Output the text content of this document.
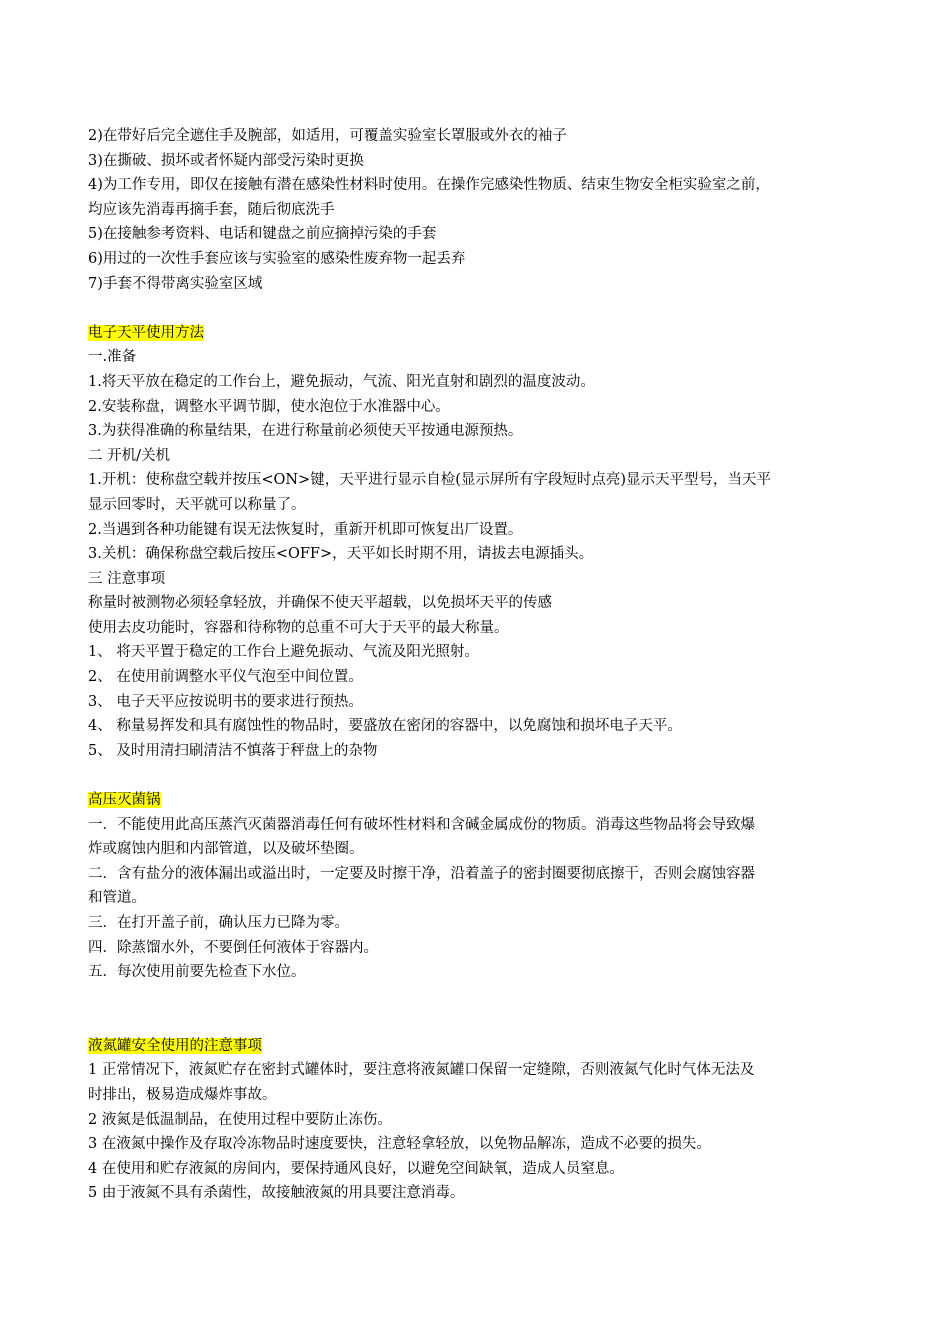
2)在带好后完全遮住手及腕部，如适用，可覆盖实验室长罩服或外衣的袖子

3)在撕破、损坏或者怀疑内部受污染时更换

4)为工作专用，即仅在接触有潜在感染性材料时使用。在操作完感染性物质、结束生物安全柜实验室之前，

均应该先消毒再摘手套，随后彻底洗手

5)在接触参考资料、电话和键盘之前应摘掉污染的手套

6)用过的一次性手套应该与实验室的感染性废弃物一起丢弃

7)手套不得带离实验室区域

电子天平使用方法

一.准备

1.将天平放在稳定的工作台上，避免振动，气流、阳光直射和剧烈的温度波动。

2.安装称盘，调整水平调节脚，使水泡位于水准器中心。

3.为获得准确的称量结果，在进行称量前必须使天平按通电源预热。

二 开机/关机

1.开机：使称盘空载并按压<ON>键，天平进行显示自检(显示屏所有字段短时点亮)显示天平型号，当天平

显示回零时，天平就可以称量了。

2.当遇到各种功能键有误无法恢复时，重新开机即可恢复出厂设置。

3.关机：确保称盘空载后按压<OFF>，天平如长时期不用，请拔去电源插头。

三 注意事项

称量时被测物必须轻拿轻放，并确保不使天平超载，以免损坏天平的传感

使用去皮功能时，容器和待称物的总重不可大于天平的最大称量。

1、 将天平置于稳定的工作台上避免振动、气流及阳光照射。

2、 在使用前调整水平仪气泡至中间位置。

3、 电子天平应按说明书的要求进行预热。

4、 称量易挥发和具有腐蚀性的物品时，要盛放在密闭的容器中，以免腐蚀和损坏电子天平。

5、 及时用清扫刷清洁不慎落于秤盘上的杂物

高压灭菌锅

一．不能使用此高压蒸汽灭菌器消毒任何有破坏性材料和含碱金属成份的物质。消毒这些物品将会导致爆

炸或腐蚀内胆和内部管道，以及破坏垫圈。

二．含有盐分的液体漏出或溢出时，一定要及时擦干净，沿着盖子的密封圈要彻底擦干，否则会腐蚀容器

和管道。

三．在打开盖子前，确认压力已降为零。

四．除蒸馏水外，不要倒任何液体于容器内。

五．每次使用前要先检查下水位。

液氮罐安全使用的注意事项

1 正常情况下，液氮贮存在密封式罐体时，要注意将液氮罐口保留一定缝隙，否则液氮气化时气体无法及

时排出，极易造成爆炸事故。

2 液氮是低温制品，在使用过程中要防止冻伤。

3 在液氮中操作及存取冷冻物品时速度要快，注意轻拿轻放，以免物品解冻，造成不必要的损失。

4 在使用和贮存液氮的房间内，要保持通风良好，以避免空间缺氧，造成人员窒息。

5 由于液氮不具有杀菌性，故接触液氮的用具要注意消毒。
